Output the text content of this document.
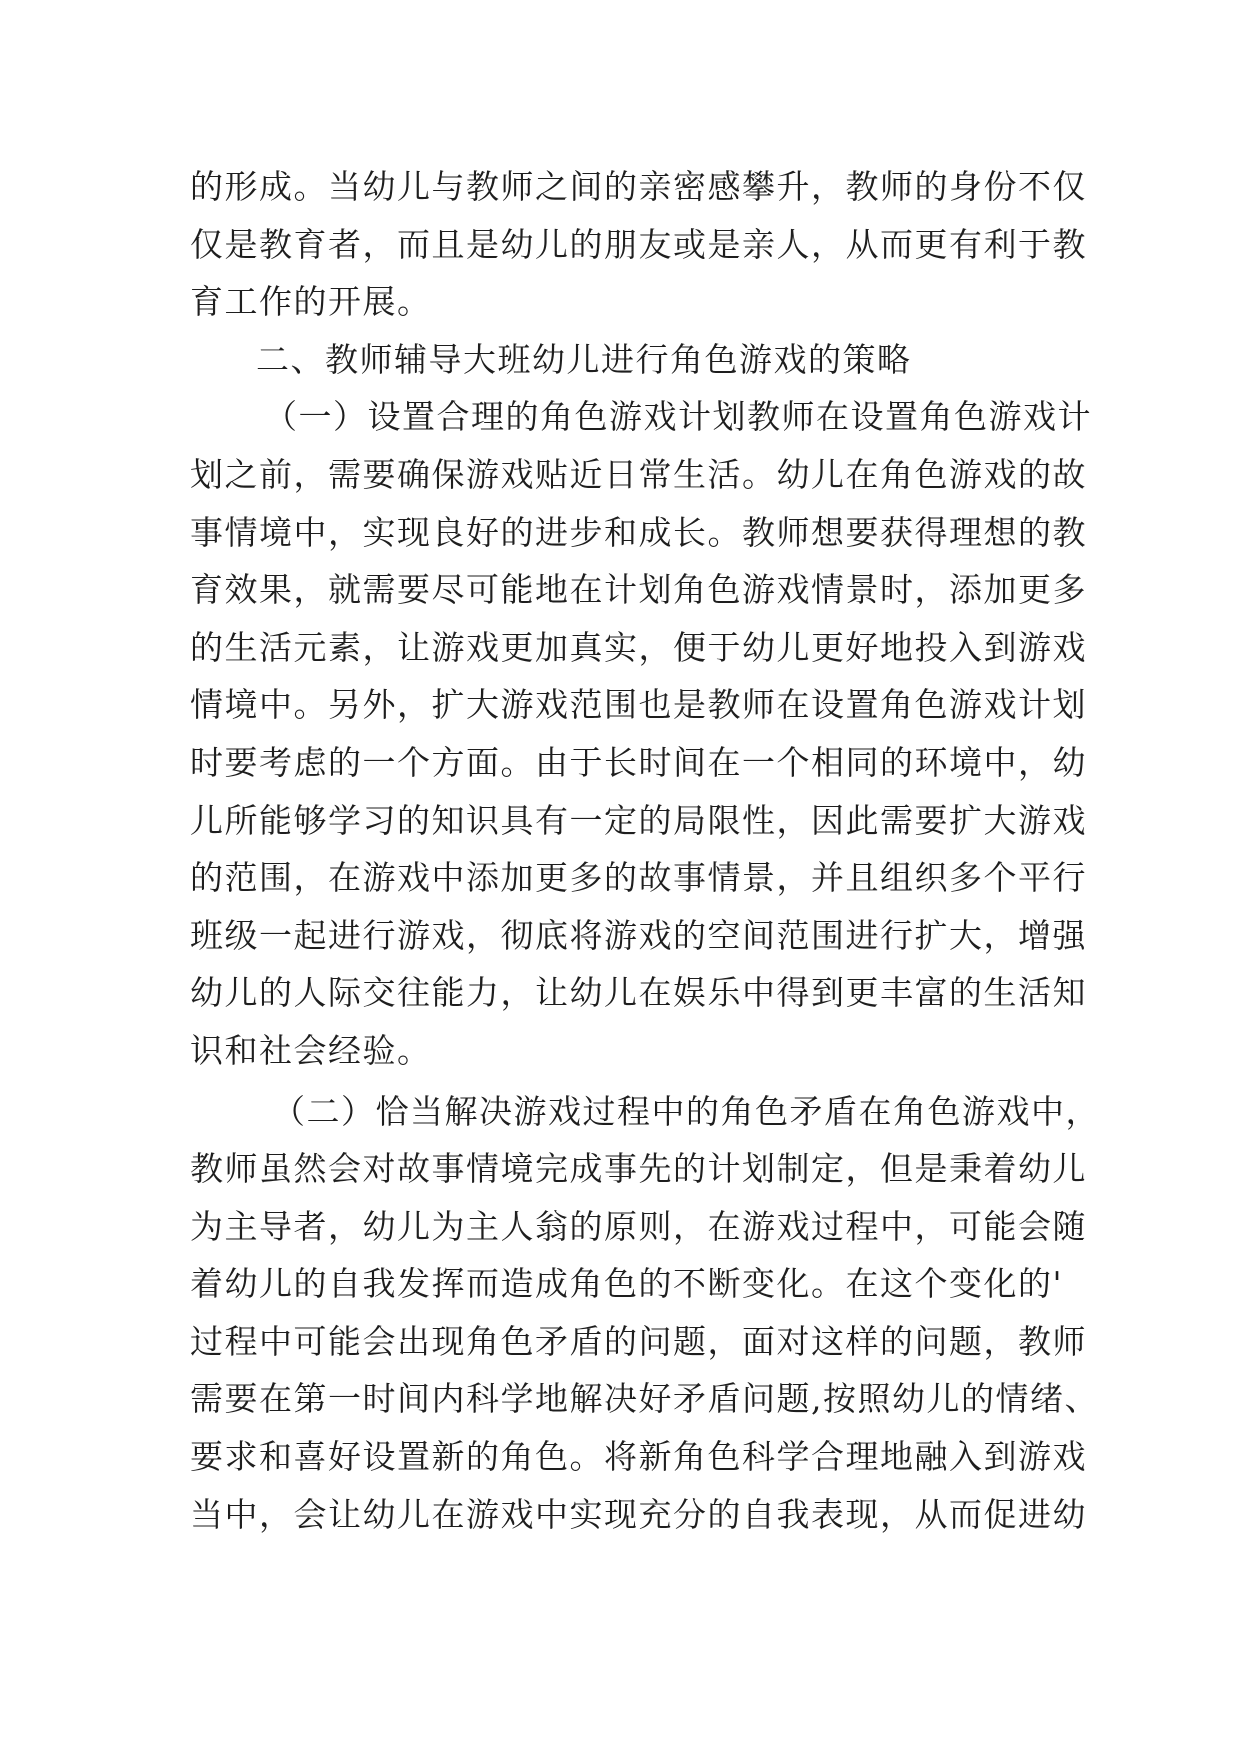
的形成。当幼儿与教师之间的亲密感攀升，教师的身份不仅
仅是教育者，而且是幼儿的朋友或是亲人，从而更有利于教
育工作的开展。
二、教师辅导大班幼儿进行角色游戏的策略
（一）设置合理的角色游戏计划教师在设置角色游戏计
划之前，需要确保游戏贴近日常生活。幼儿在角色游戏的故
事情境中，实现良好的进步和成长。教师想要获得理想的教
育效果，就需要尽可能地在计划角色游戏情景时，添加更多
的生活元素，让游戏更加真实，便于幼儿更好地投入到游戏
情境中。另外，扩大游戏范围也是教师在设置角色游戏计划
时要考虑的一个方面。由于长时间在一个相同的环境中，幼
儿所能够学习的知识具有一定的局限性，因此需要扩大游戏
的范围，在游戏中添加更多的故事情景，并且组织多个平行
班级一起进行游戏，彻底将游戏的空间范围进行扩大，增强
幼儿的人际交往能力，让幼儿在娱乐中得到更丰富的生活知
识和社会经验。
（二）恰当解决游戏过程中的角色矛盾在角色游戏中，
教师虽然会对故事情境完成事先的计划制定，但是秉着幼儿
为主导者，幼儿为主人翁的原则，在游戏过程中，可能会随
着幼儿的自我发挥而造成角色的不断变化。在这个变化的'
过程中可能会出现角色矛盾的问题，面对这样的问题，教师
需要在第一时间内科学地解决好矛盾问题,按照幼儿的情绪、
要求和喜好设置新的角色。将新角色科学合理地融入到游戏
当中，会让幼儿在游戏中实现充分的自我表现，从而促进幼
